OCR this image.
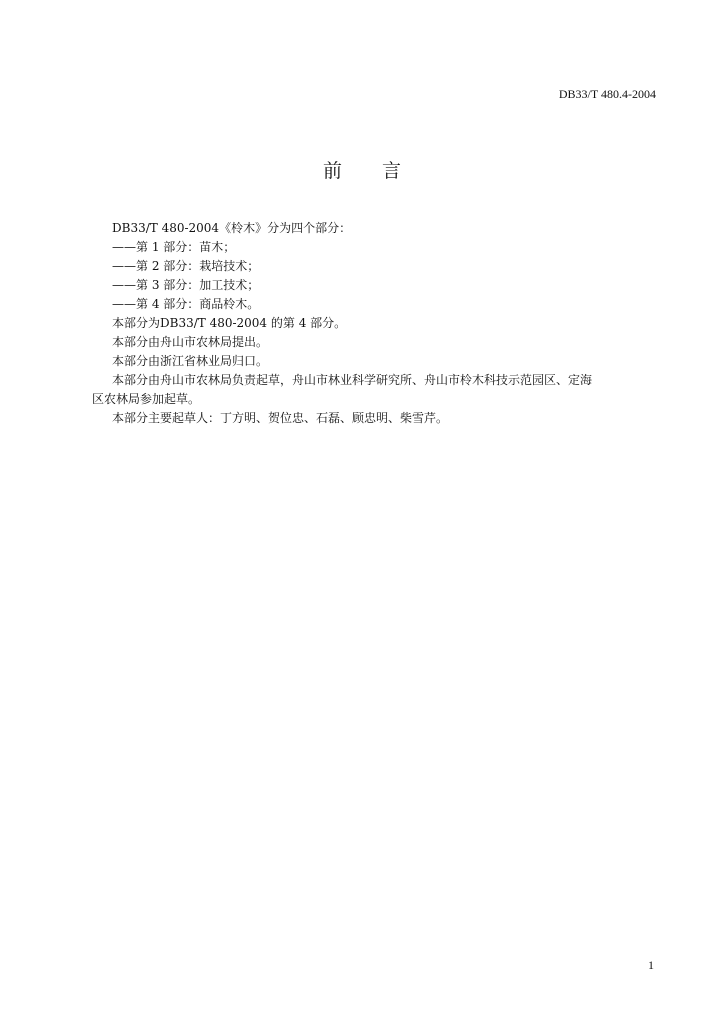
DB33/T 480.4-2004
前 言

DB33/T 480-2004《柃木》分为四个部分：

——第 1 部分：苗木；

——第 2 部分：栽培技术；

——第 3 部分：加工技术；

——第 4 部分：商品柃木。

本部分为DB33/T 480-2004 的第 4 部分。

本部分由舟山市农林局提出。

本部分由浙江省林业局归口。

本部分由舟山市农林局负责起草，舟山市林业科学研究所、舟山市柃木科技示范园区、定海

区农林局参加起草。

本部分主要起草人：丁方明、贺位忠、石磊、顾忠明、柴雪芹。

1
